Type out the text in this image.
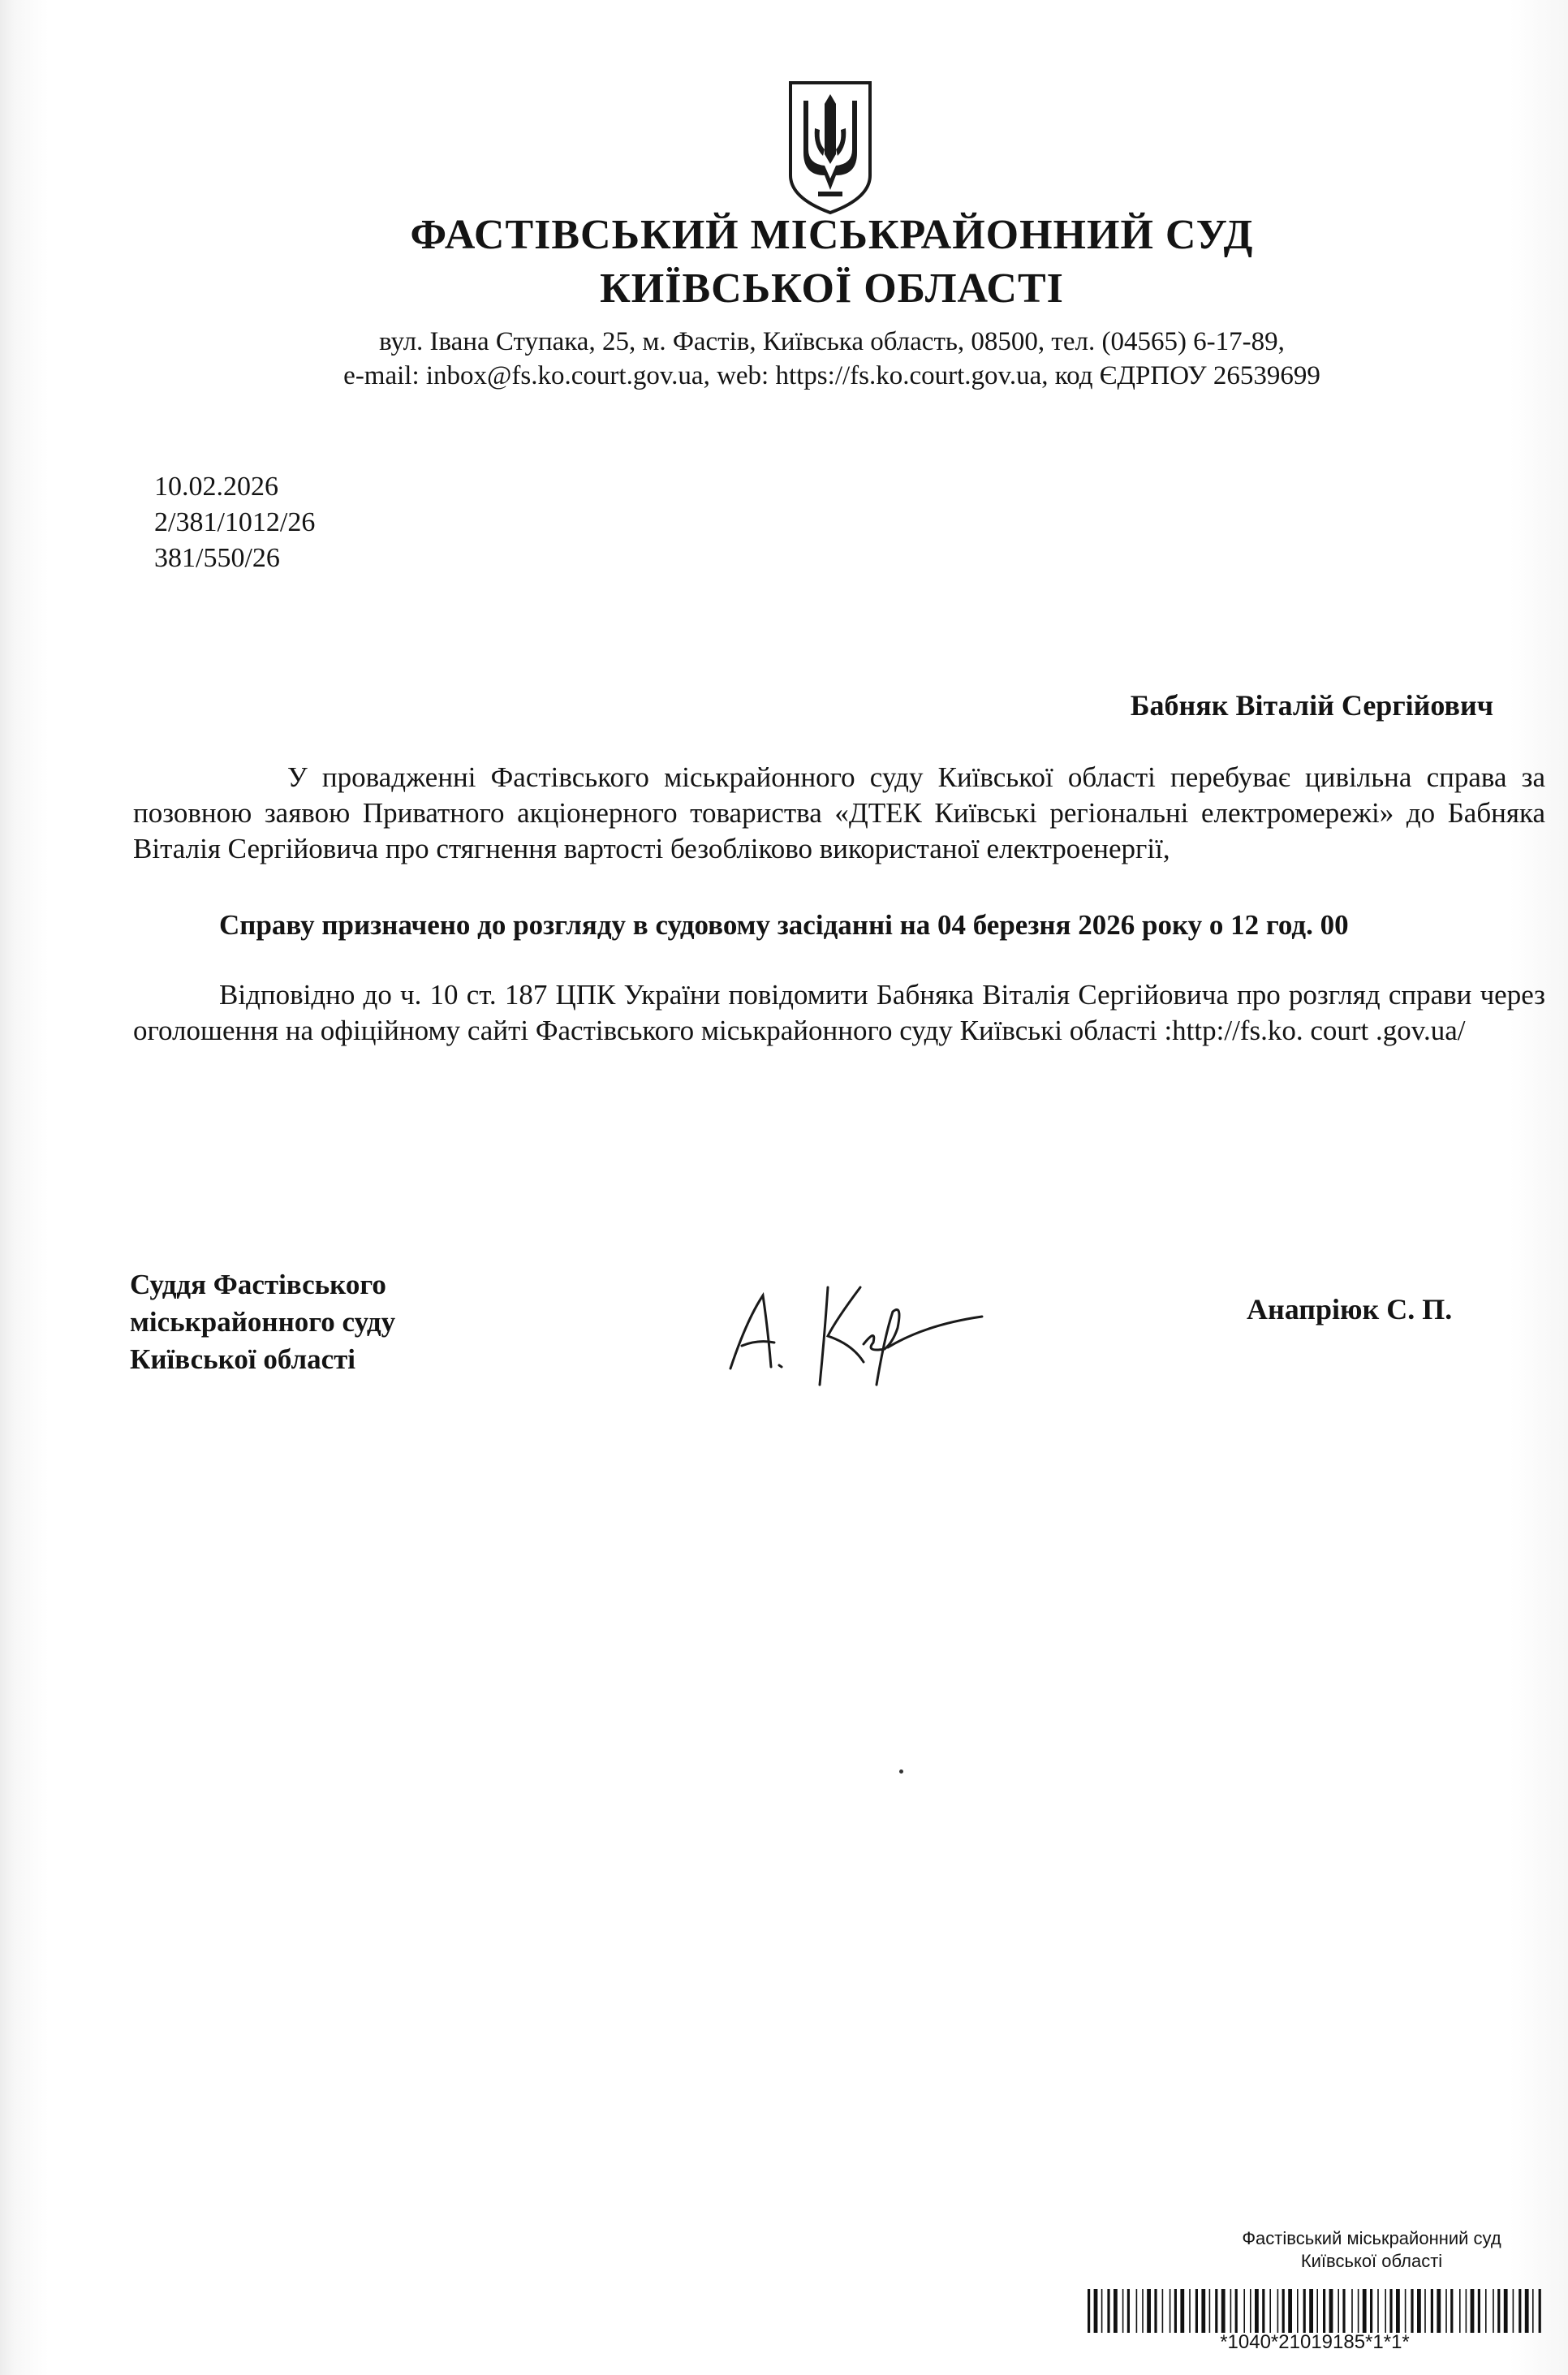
ФАСТІВСЬКИЙ МІСЬКРАЙОННИЙ СУД
КИЇВСЬКОЇ ОБЛАСТІ
вул. Івана Ступака, 25, м. Фастів, Київська область, 08500, тел. (04565) 6-17-89,
e-mail: inbox@fs.ko.court.gov.ua, web: https://fs.ko.court.gov.ua, код ЄДРПОУ 26539699
10.02.2026
2/381/1012/26
381/550/26
Бабняк Віталій Сергійович
У провадженні Фастівського міськрайонного суду Київської області перебуває цивільна справа за позовною заявою Приватного акціонерного товариства «ДТЕК Київські регіональні електромережі» до Бабняка Віталія Сергійовича про стягнення вартості безобліково використаної електроенергії,
Справу призначено до розгляду в судовому засіданні на 04 березня 2026 року о 12 год. 00
Відповідно до ч. 10 ст. 187 ЦПК України повідомити Бабняка Віталія Сергійовича про розгляд справи через оголошення на офіційному сайті Фастівського міськрайонного суду Київські області :http://fs.ko. court .gov.ua/
Суддя Фастівського
міськрайонного суду
Київської області
Анапріюк С. П.
Фастівський міськрайонний суд
Київської області
*1040*21019185*1*1*
